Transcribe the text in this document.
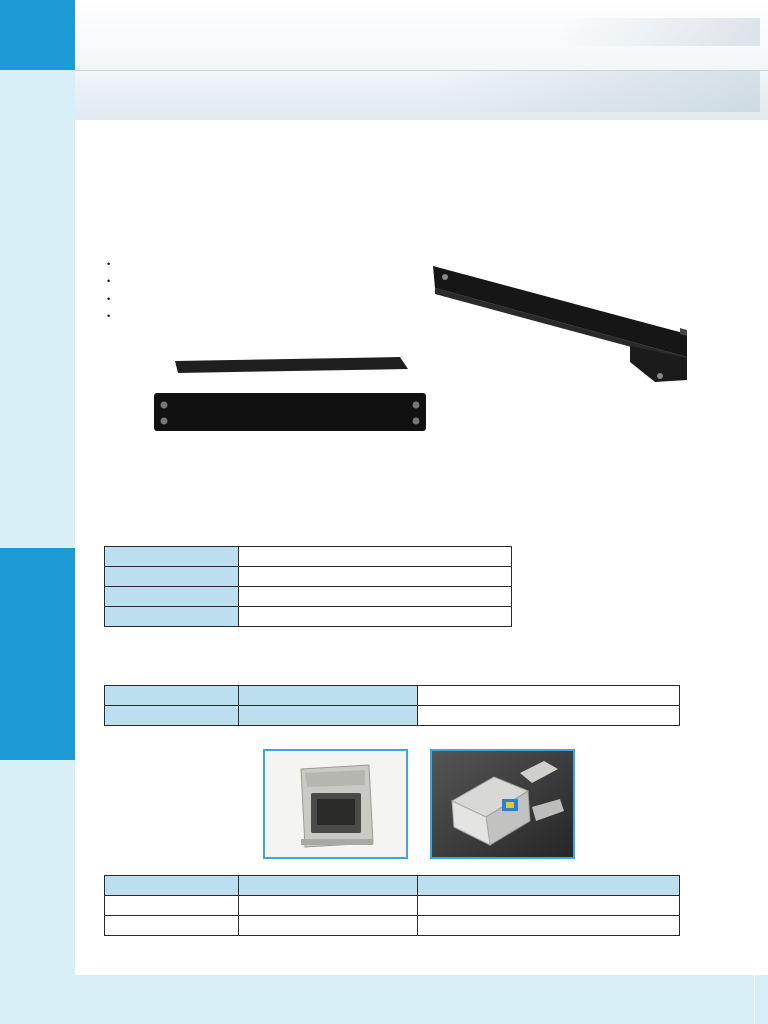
•
•
•
•
